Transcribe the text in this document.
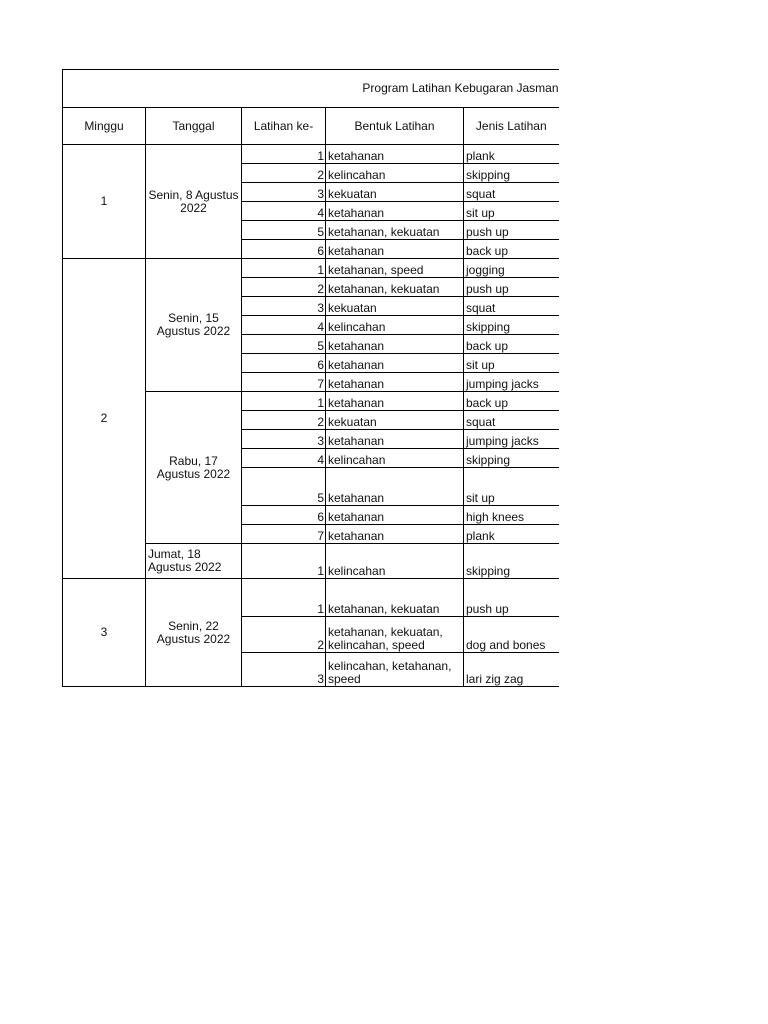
Program Latihan Kebugaran Jasman				
Minggu	Tanggal	Latihan ke-	Bentuk Latihan	Jenis Latihan
1	Senin, 8 Agustus 2022	1	ketahanan	plank
		2	kelincahan	skipping
		3	kekuatan	squat
		4	ketahanan	sit up
		5	ketahanan, kekuatan	push up
		6	ketahanan	back up
2	Senin, 15 Agustus 2022	1	ketahanan, speed	jogging
		2	ketahanan, kekuatan	push up
		3	kekuatan	squat
		4	kelincahan	skipping
		5	ketahanan	back up
		6	ketahanan	sit up
		7	ketahanan	jumping jacks
	Rabu, 17 Agustus 2022	1	ketahanan	back up
		2	kekuatan	squat
		3	ketahanan	jumping jacks
		4	kelincahan	skipping
		5	ketahanan	sit up
		6	ketahanan	high knees
		7	ketahanan	plank
	Jumat, 18 Agustus 2022	1	kelincahan	skipping
3	Senin, 22 Agustus 2022	1	ketahanan, kekuatan	push up
		2	ketahanan, kekuatan, kelincahan, speed	dog and bones
		3	kelincahan, ketahanan, speed	lari zig zag
